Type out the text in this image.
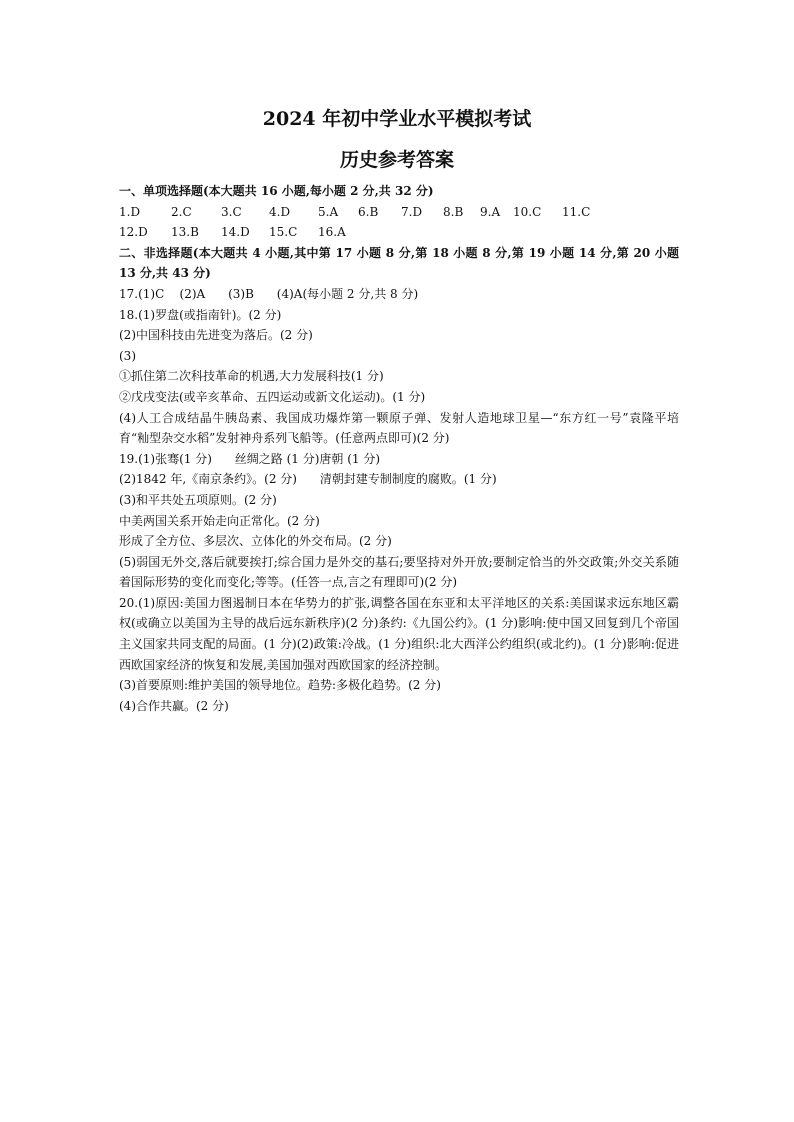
2024 年初中学业水平模拟考试
历史参考答案

一、单项选择题(本大题共 16 小题,每小题 2 分,共 32 分)

1.D	2.C	3.C	4.D	5.A	6.B	7.D	8.B	9.A	10.C	11.C
12.D	13.B	14.D	15.C	16.A

二、非选择题(本大题共 4 小题,其中第 17 小题 8 分,第 18 小题 8 分,第 19 小题 14 分,第 20 小题 13 分,共 43 分)

17.(1)C    (2)A      (3)B      (4)A(每小题 2 分,共 8 分)

18.(1)罗盘(或指南针)。(2 分)

(2)中国科技由先进变为落后。(2 分)

(3)

①抓住第二次科技革命的机遇,大力发展科技(1 分)

②戊戌变法(或辛亥革命、五四运动或新文化运动)。(1 分)

(4)人工合成结晶牛胰岛素、我国成功爆炸第一颗原子弹、发射人造地球卫星—“东方红一号”袁隆平培育“籼型杂交水稻”发射神舟系列飞船等。(任意两点即可)(2 分)

19.(1)张骞(1 分)      丝绸之路 (1 分)唐朝 (1 分)

(2)1842 年,《南京条约》。(2 分)      清朝封建专制制度的腐败。(1 分)

(3)和平共处五项原则。(2 分)

中美两国关系开始走向正常化。(2 分)

形成了全方位、多层次、立体化的外交布局。(2 分)

(5)弱国无外交,落后就要挨打;综合国力是外交的基石;要坚持对外开放;要制定恰当的外交政策;外交关系随着国际形势的变化而变化;等等。(任答一点,言之有理即可)(2 分)

20.(1)原因:美国力图遏制日本在华势力的扩张,调整各国在东亚和太平洋地区的关系:美国谋求远东地区霸权(或确立以美国为主导的战后远东新秩序)(2 分)条约:《九国公约》。(1 分)影响:使中国又回复到几个帝国主义国家共同支配的局面。(1 分)(2)政策:冷战。(1 分)组织:北大西洋公约组织(或北约)。(1 分)影响:促进西欧国家经济的恢复和发展,美国加强对西欧国家的经济控制。

(3)首要原则:维护美国的领导地位。趋势:多极化趋势。(2 分)

(4)合作共赢。(2 分)
